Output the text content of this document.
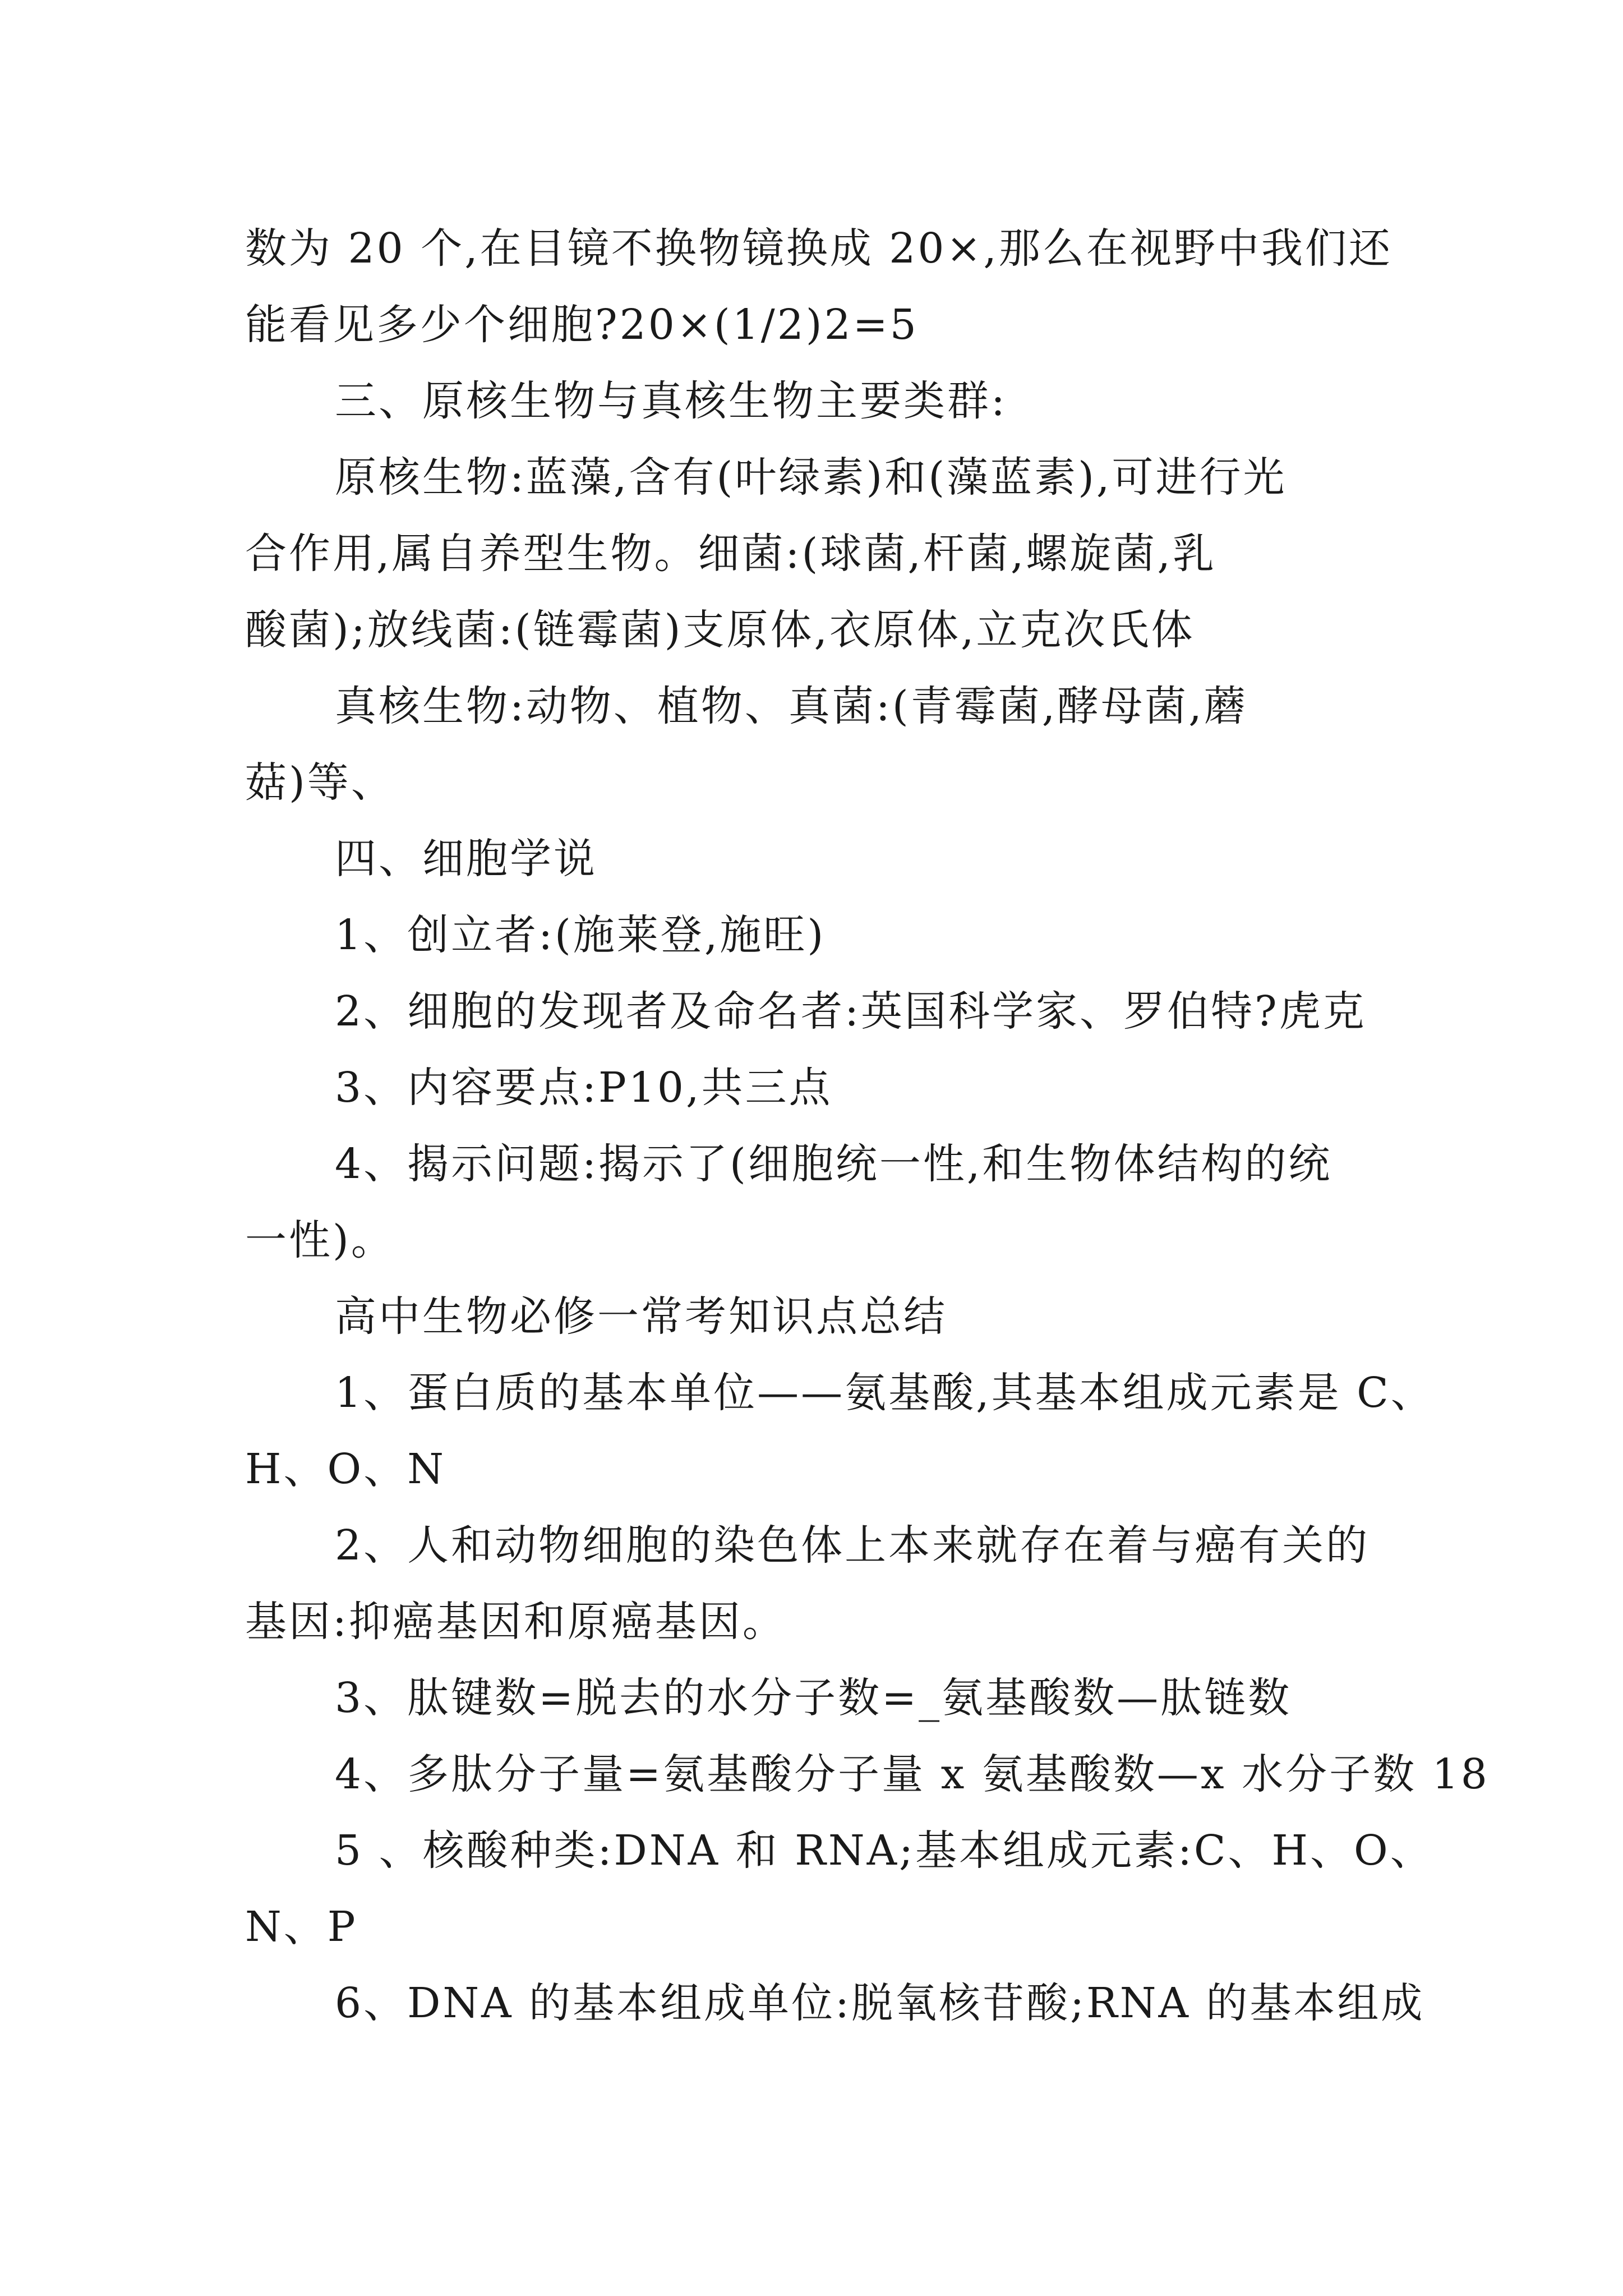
数为 20 个,在目镜不换物镜换成 20×,那么在视野中我们还
能看见多少个细胞?20×(1/2)2=5
三、原核生物与真核生物主要类群:
原核生物:蓝藻,含有(叶绿素)和(藻蓝素),可进行光
合作用,属自养型生物。细菌:(球菌,杆菌,螺旋菌,乳
酸菌);放线菌:(链霉菌)支原体,衣原体,立克次氏体
真核生物:动物、植物、真菌:(青霉菌,酵母菌,蘑
菇)等、
四、细胞学说
1、创立者:(施莱登,施旺)
2、细胞的发现者及命名者:英国科学家、罗伯特?虎克
3、内容要点:P10,共三点
4、揭示问题:揭示了(细胞统一性,和生物体结构的统
一性)。
高中生物必修一常考知识点总结
1、蛋白质的基本单位——氨基酸,其基本组成元素是 C、
H、O、N
2、人和动物细胞的染色体上本来就存在着与癌有关的
基因:抑癌基因和原癌基因。
3、肽键数=脱去的水分子数=_氨基酸数—肽链数
4、多肽分子量=氨基酸分子量 x 氨基酸数—x 水分子数 18
5 、核酸种类:DNA 和 RNA;基本组成元素:C、H、O、
N、P
6、DNA 的基本组成单位:脱氧核苷酸;RNA 的基本组成
